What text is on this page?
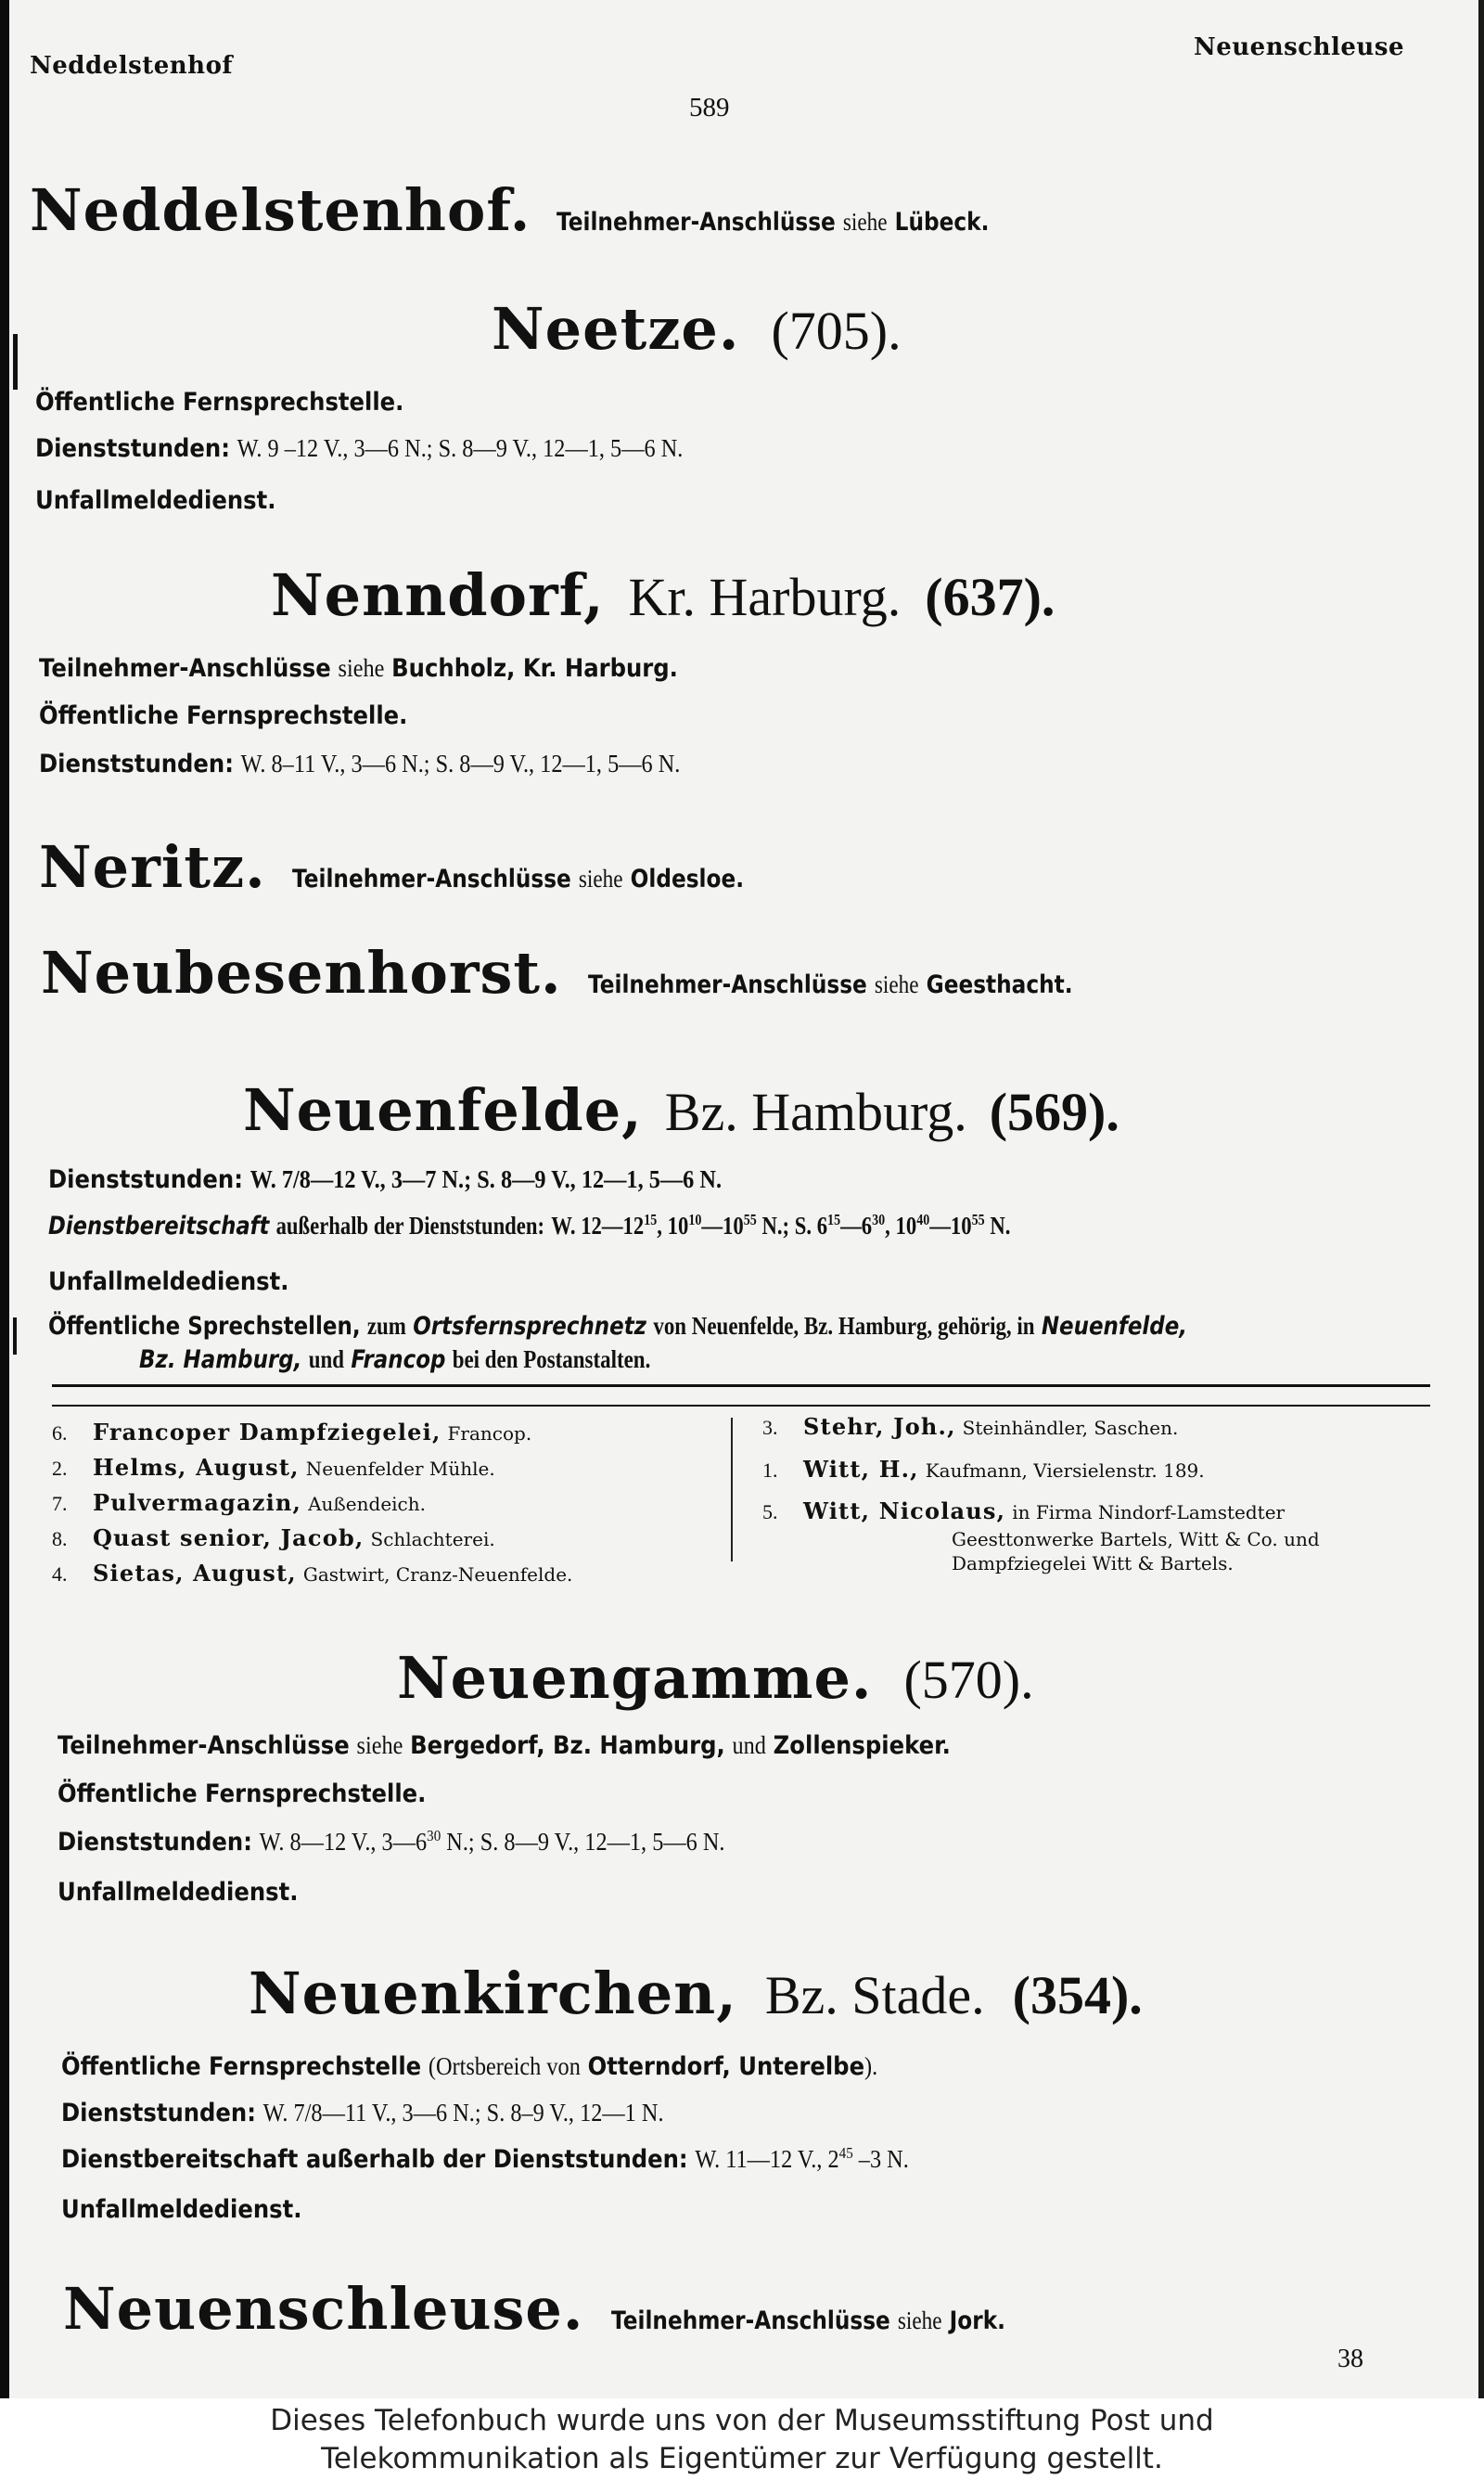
Neddelstenhof
Neuenschleuse
589
Neddelstenhof. Teilnehmer-Anschlüsse siehe Lübeck.
Neetze. (705).
Öffentliche Fernsprechstelle.
Dienststunden: W. 9 –12 V., 3—6 N.; S. 8—9 V., 12—1, 5—6 N.
Unfallmeldedienst.
Nenndorf, Kr. Harburg. (637).
Teilnehmer-Anschlüsse siehe Buchholz, Kr. Harburg.
Öffentliche Fernsprechstelle.
Dienststunden: W. 8–11 V., 3—6 N.; S. 8—9 V., 12—1, 5—6 N.
Neritz. Teilnehmer-Anschlüsse siehe Oldesloe.
Neubesenhorst. Teilnehmer-Anschlüsse siehe Geesthacht.
Neuenfelde, Bz. Hamburg. (569).
Dienststunden: W. 7/8—12 V., 3—7 N.; S. 8—9 V., 12—1, 5—6 N.
Dienstbereitschaft außerhalb der Dienststunden: W. $12—12^{15}$, $10^{10}—10^{55}$ N.; S. $6^{15}—6^{30}$, $10^{40}—10^{55}$ N.
Unfallmeldedienst.
Öffentliche Sprechstellen, zum Ortsfernsprechnetz von Neuenfelde, Bz. Hamburg, gehörig, in Neuenfelde,
Bz. Hamburg, und Francop bei den Postanstalten.
6. Francoper Dampfziegelei, Francop.
2. Helms, August, Neuenfelder Mühle.
7. Pulvermagazin, Außendeich.
8. Quast senior, Jacob, Schlachterei.
4. Sietas, August, Gastwirt, Cranz-Neuenfelde.
3. Stehr, Joh., Steinhändler, Saschen.
1. Witt, H., Kaufmann, Viersielenstr. 189.
5. Witt, Nicolaus, in Firma Nindorf-Lamstedter
Geesttonwerke Bartels, Witt & Co. und
Dampfziegelei Witt & Bartels.
Neuengamme. (570).
Teilnehmer-Anschlüsse siehe Bergedorf, Bz. Hamburg, und Zollenspieker.
Öffentliche Fernsprechstelle.
Dienststunden: W. 8—12 V., $3—6^{30}$ N.; S. 8—9 V., 12—1, 5—6 N.
Unfallmeldedienst.
Neuenkirchen, Bz. Stade. (354).
Öffentliche Fernsprechstelle (Ortsbereich von Otterndorf, Unterelbe).
Dienststunden: W. 7/8—11 V., 3—6 N.; S. 8–9 V., 12—1 N.
Dienstbereitschaft außerhalb der Dienststunden: W. 11—12 V., $2^{45}$ –3 N.
Unfallmeldedienst.
Neuenschleuse. Teilnehmer-Anschlüsse siehe Jork.
38
Dieses Telefonbuch wurde uns von der Museumsstiftung Post und
Telekommunikation als Eigentümer zur Verfügung gestellt.
